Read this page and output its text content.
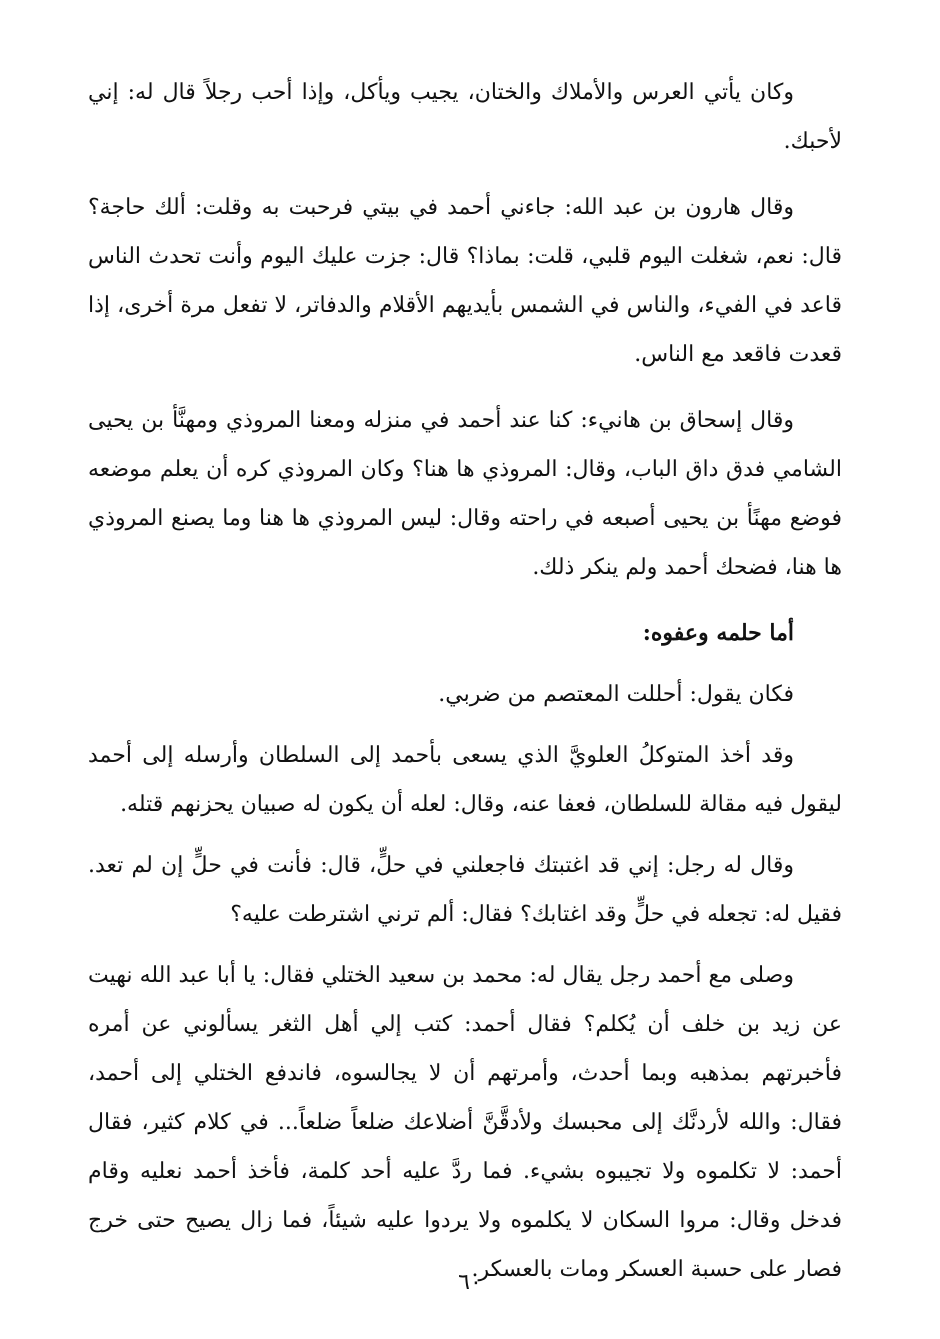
وكان يأتي العرس والأملاك والختان، يجيب ويأكل، وإذا أحب رجلاً قال له: إني لأحبك.

وقال هارون بن عبد الله: جاءني أحمد في بيتي فرحبت به وقلت: ألك حاجة؟ قال: نعم، شغلت اليوم قلبي، قلت: بماذا؟ قال: جزت عليك اليوم وأنت تحدث الناس قاعد في الفيء، والناس في الشمس بأيديهم الأقلام والدفاتر، لا تفعل مرة أخرى، إذا قعدت فاقعد مع الناس.

وقال إسحاق بن هانيء: كنا عند أحمد في منزله ومعنا المروذي ومهنَّأ بن يحيى الشامي فدق داق الباب، وقال: المروذي ها هنا؟ وكان المروذي كره أن يعلم موضعه فوضع مهنًأ بن يحيى أصبعه في راحته وقال: ليس المروذي ها هنا وما يصنع المروذي ها هنا، فضحك أحمد ولم ينكر ذلك.

أما حلمه وعفوه:

فكان يقول: أحللت المعتصم من ضربي.

وقد أخذ المتوكلُ العلويَّ الذي يسعى بأحمد إلى السلطان وأرسله إلى أحمد ليقول فيه مقالة للسلطان، فعفا عنه، وقال: لعله أن يكون له صبيان يحزنهم قتله.

وقال له رجل: إني قد اغتبتك فاجعلني في حلٍّ، قال: فأنت في حلٍّ إن لم تعد. فقيل له: تجعله في حلٍّ وقد اغتابك؟ فقال: ألم ترني اشترطت عليه؟

وصلى مع أحمد رجل يقال له: محمد بن سعيد الختلي فقال: يا أبا عبد الله نهيت عن زيد بن خلف أن يُكلم؟ فقال أحمد: كتب إلي أهل الثغر يسألوني عن أمره فأخبرتهم بمذهبه وبما أحدث، وأمرتهم أن لا يجالسوه، فاندفع الختلي إلى أحمد، فقال: والله لأردنَّك إلى محبسك ولأدقَّنَّ أضلاعك ضلعاً ضلعاً... في كلام كثير، فقال أحمد: لا تكلموه ولا تجيبوه بشيء. فما ردَّ عليه أحد كلمة، فأخذ أحمد نعليه وقام فدخل وقال: مروا السكان لا يكلموه ولا يردوا عليه شيئاً، فما زال يصيح حتى خرج فصار على حسبة العسكر ومات بالعسكر.

٦٠
